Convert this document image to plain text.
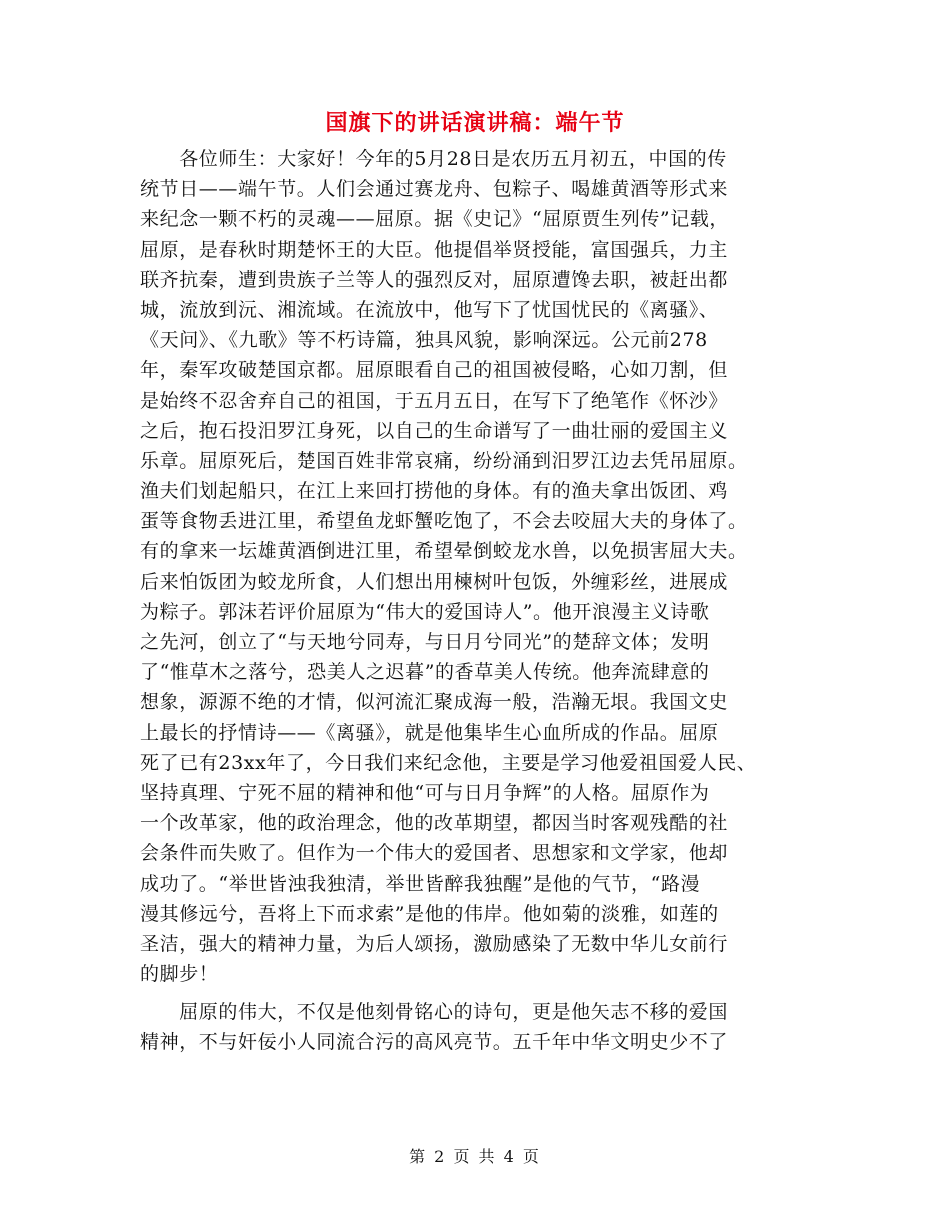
国旗下的讲话演讲稿：端午节
　　各位师生：大家好！今年的5月28日是农历五月初五，中国的传
统节日——端午节。人们会通过赛龙舟、包粽子、喝雄黄酒等形式来
来纪念一颗不朽的灵魂——屈原。据《史记》“屈原贾生列传”记载，
屈原，是春秋时期楚怀王的大臣。他提倡举贤授能，富国强兵，力主
联齐抗秦，遭到贵族子兰等人的强烈反对，屈原遭馋去职，被赶出都
城，流放到沅、湘流域。在流放中，他写下了忧国忧民的《离骚》、
《天问》、《九歌》等不朽诗篇，独具风貌，影响深远。公元前278
年，秦军攻破楚国京都。屈原眼看自己的祖国被侵略，心如刀割，但
是始终不忍舍弃自己的祖国，于五月五日，在写下了绝笔作《怀沙》
之后，抱石投汨罗江身死，以自己的生命谱写了一曲壮丽的爱国主义
乐章。屈原死后，楚国百姓非常哀痛，纷纷涌到汨罗江边去凭吊屈原。
渔夫们划起船只，在江上来回打捞他的身体。有的渔夫拿出饭团、鸡
蛋等食物丢进江里，希望鱼龙虾蟹吃饱了，不会去咬屈大夫的身体了。
有的拿来一坛雄黄酒倒进江里，希望晕倒蛟龙水兽，以免损害屈大夫。
后来怕饭团为蛟龙所食，人们想出用楝树叶包饭，外缠彩丝，进展成
为粽子。郭沫若评价屈原为“伟大的爱国诗人”。他开浪漫主义诗歌
之先河，创立了“与天地兮同寿，与日月兮同光”的楚辞文体；发明
了“惟草木之落兮，恐美人之迟暮”的香草美人传统。他奔流肆意的
想象，源源不绝的才情，似河流汇聚成海一般，浩瀚无垠。我国文史
上最长的抒情诗——《离骚》，就是他集毕生心血所成的作品。屈原
死了已有23xx年了，今日我们来纪念他，主要是学习他爱祖国爱人民、
坚持真理、宁死不屈的精神和他“可与日月争辉”的人格。屈原作为
一个改革家，他的政治理念，他的改革期望，都因当时客观残酷的社
会条件而失败了。但作为一个伟大的爱国者、思想家和文学家，他却
成功了。“举世皆浊我独清，举世皆醉我独醒”是他的气节，“路漫
漫其修远兮，吾将上下而求索”是他的伟岸。他如菊的淡雅，如莲的
圣洁，强大的精神力量，为后人颂扬，激励感染了无数中华儿女前行
的脚步！
　　屈原的伟大，不仅是他刻骨铭心的诗句，更是他矢志不移的爱国
精神，不与奸佞小人同流合污的高风亮节。五千年中华文明史少不了
第 2 页 共 4 页
